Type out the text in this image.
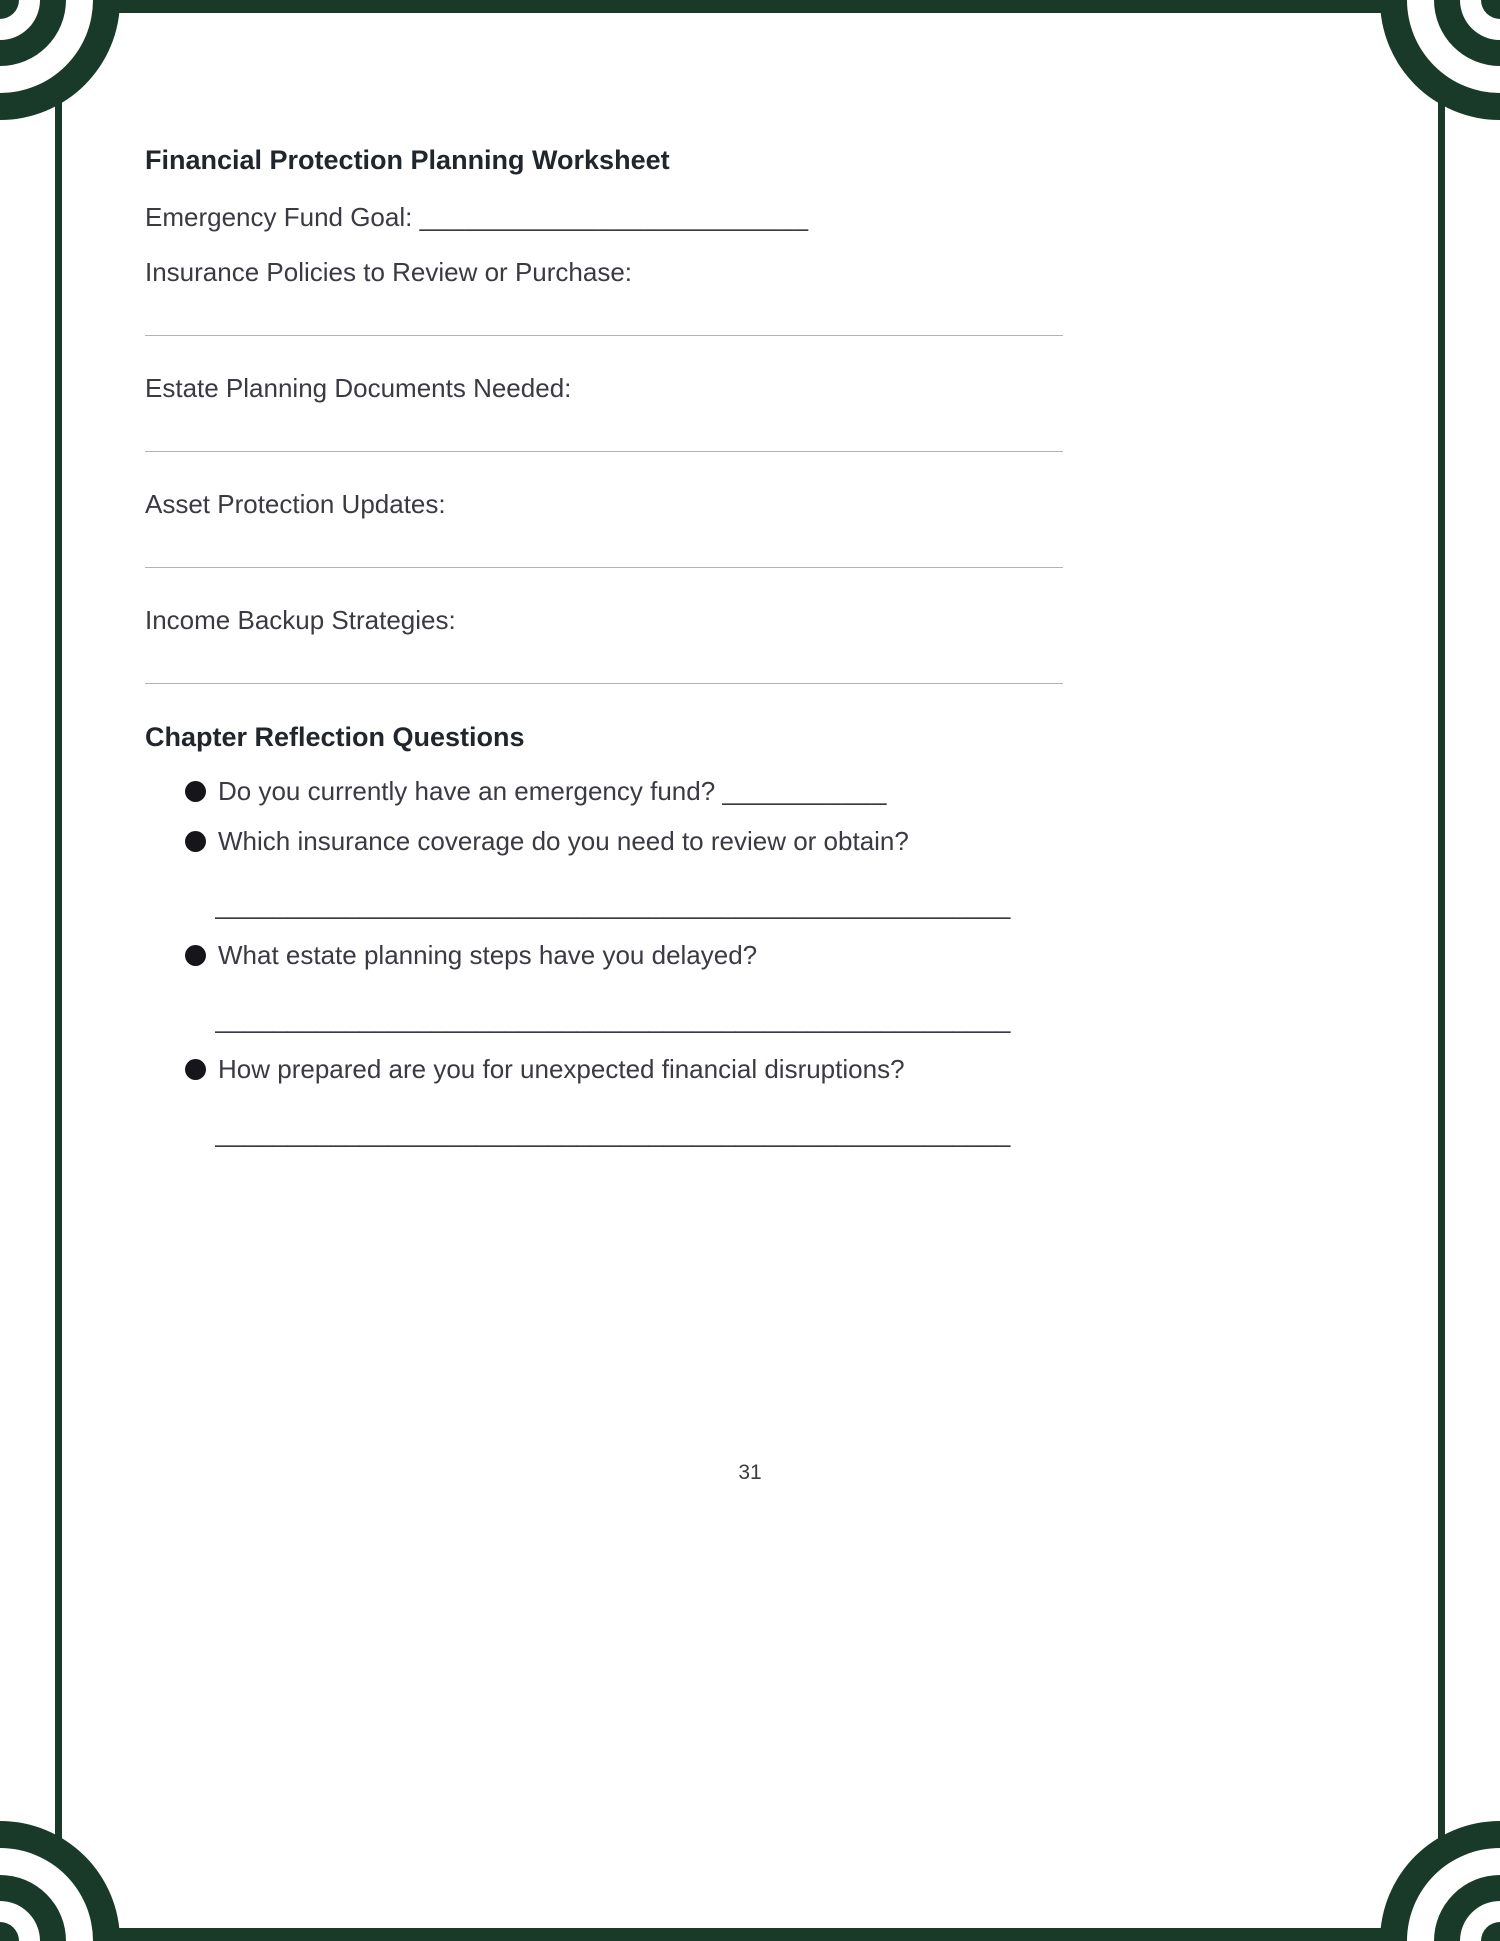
Financial Protection Planning Worksheet

Emergency Fund Goal: __________________________

Insurance Policies to Review or Purchase:

Estate Planning Documents Needed:

Asset Protection Updates:

Income Backup Strategies:

Chapter Reflection Questions

Do you currently have an emergency fund? ___________

Which insurance coverage do you need to review or obtain?

_______________________________________________________

What estate planning steps have you delayed?

_______________________________________________________

How prepared are you for unexpected financial disruptions?

_______________________________________________________

31
